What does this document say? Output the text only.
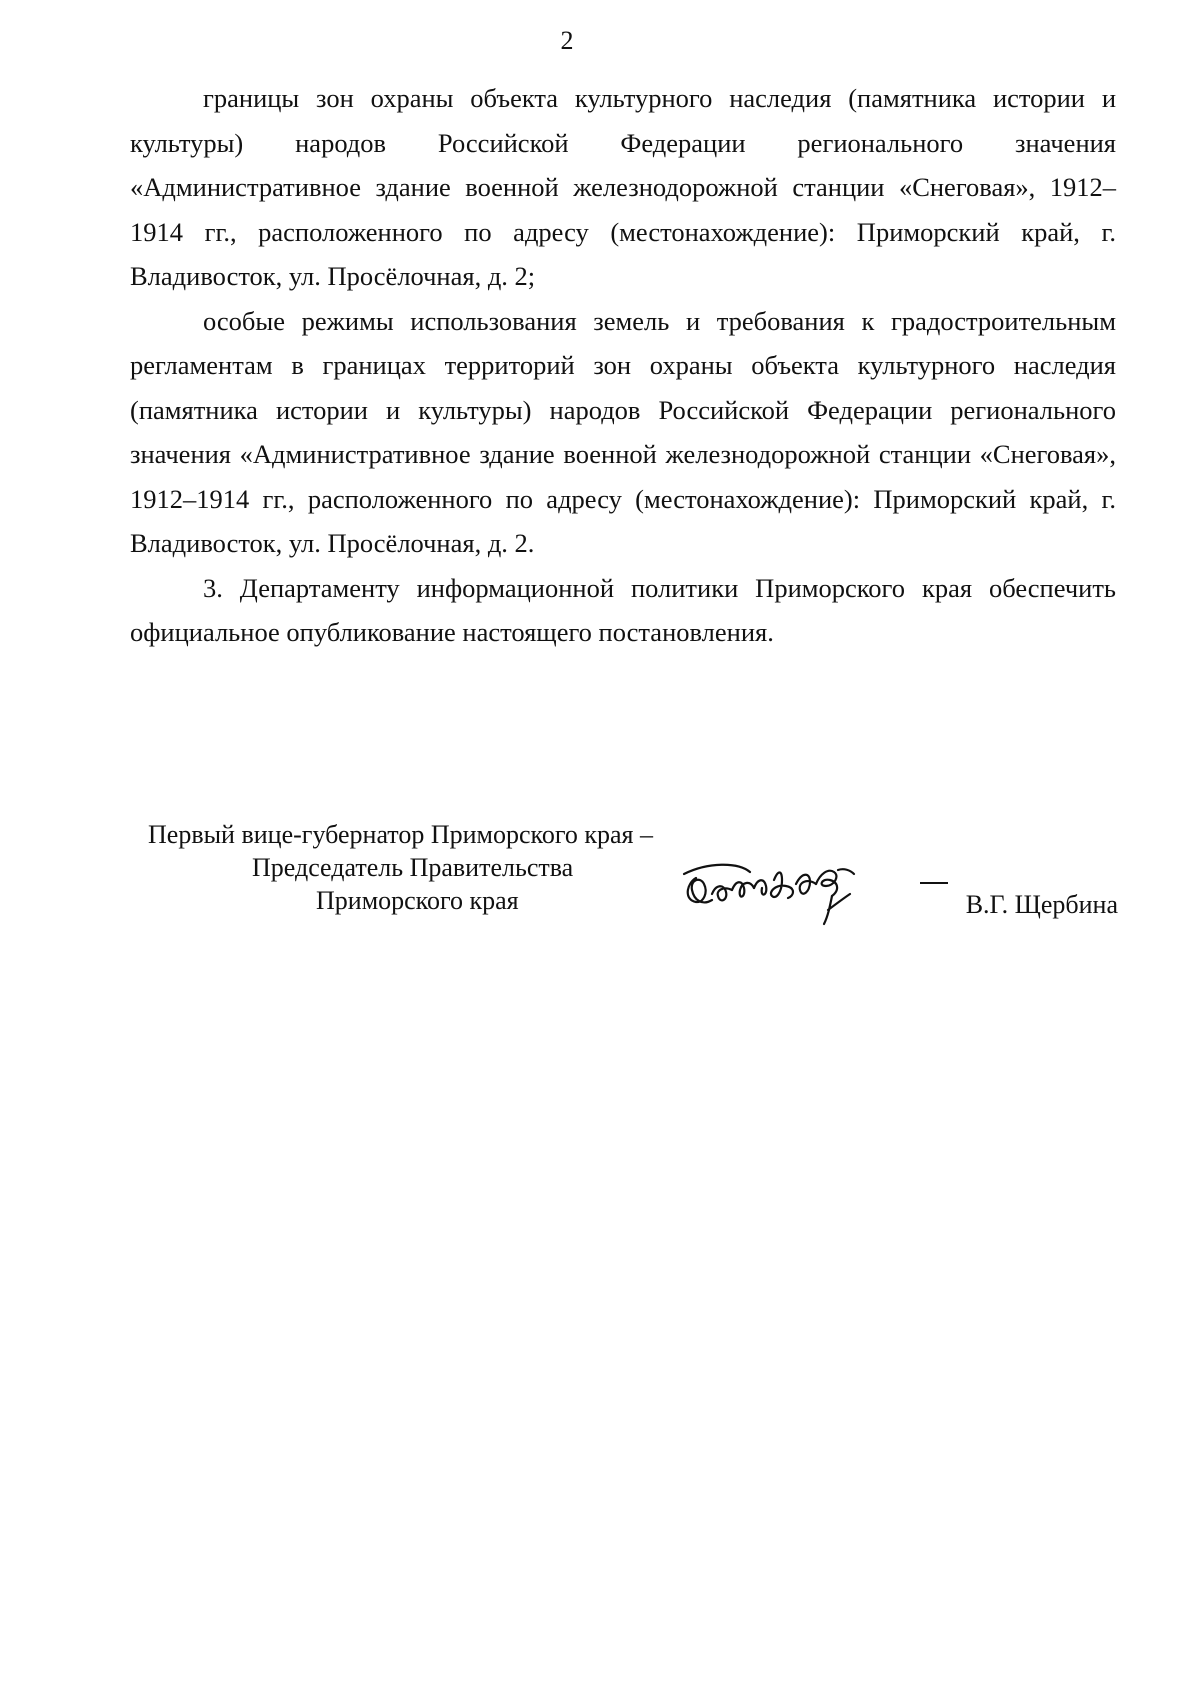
2

границы зон охраны объекта культурного наследия (памятника истории и культуры) народов Российской Федерации регионального значения «Административное здание военной железнодорожной станции «Снеговая», 1912–1914 гг., расположенного по адресу (местонахождение): Приморский край, г. Владивосток, ул. Просёлочная, д. 2;

особые режимы использования земель и требования к градостроительным регламентам в границах территорий зон охраны объекта культурного наследия (памятника истории и культуры) народов Российской Федерации регионального значения «Административное здание военной железнодорожной станции «Снеговая», 1912–1914 гг., расположенного по адресу (местонахождение): Приморский край, г. Владивосток, ул. Просёлочная, д. 2.

3. Департаменту информационной политики Приморского края обеспечить официальное опубликование настоящего постановления.

Первый вице-губернатор Приморского края –
Председатель Правительства
Приморского края	В.Г. Щербина
